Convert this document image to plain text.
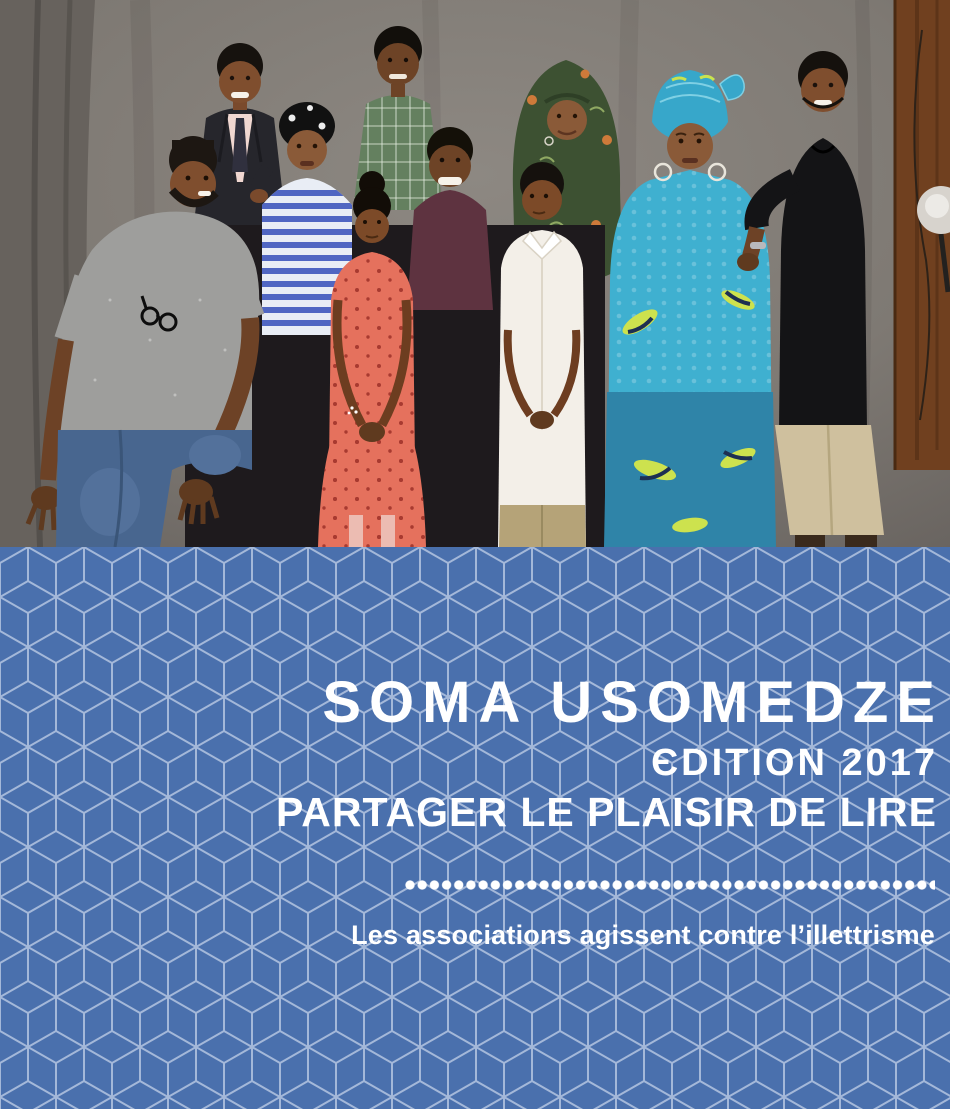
SOMA USOMEDZE
ЄDITION 2017
PARTAGER LE PLAISIR DE LIRE
Les associations agissent contre l’illettrisme
